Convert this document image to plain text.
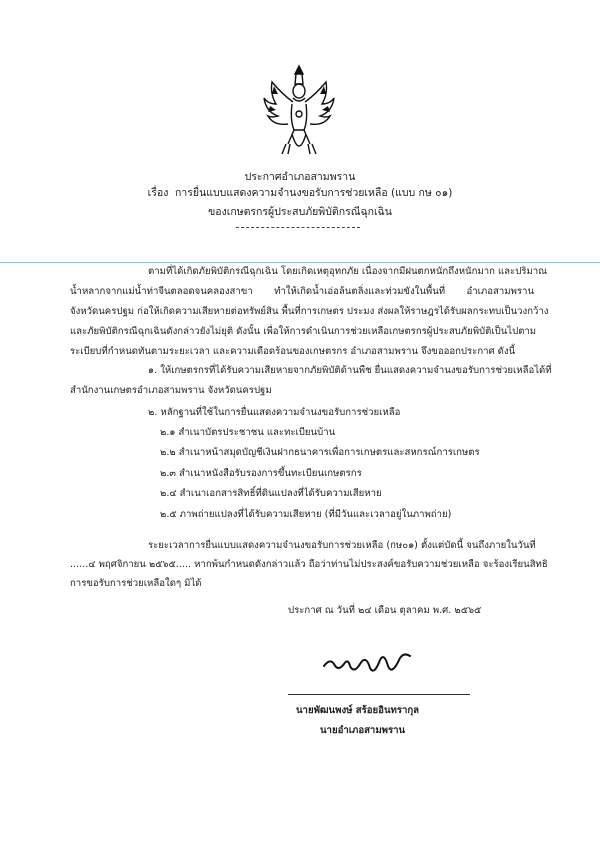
ประกาศอำเภอสามพราน
เรื่อง การยื่นแบบแสดงความจำนงขอรับการช่วยเหลือ (แบบ กษ ๐๑)
ของเกษตรกรผู้ประสบภัยพิบัติกรณีฉุกเฉิน
ตามที่ได้เกิดภัยพิบัติกรณีฉุกเฉิน โดยเกิดเหตุอุทกภัย เนื่องจากมีฝนตกหนักถึงหนักมาก และปริมาณ
น้ำหลากจากแม่น้ำท่าจีนตลอดจนคลองสาขา ทำให้เกิดน้ำเอ่อล้นตลิ่งและท่วมขังในพื้นที่ อำเภอสามพราน
จังหวัดนครปฐม ก่อให้เกิดความเสียหายต่อทรัพย์สิน พื้นที่การเกษตร ประมง ส่งผลให้ราษฎรได้รับผลกระทบเป็นวงกว้าง
และภัยพิบัติกรณีฉุกเฉินดังกล่าวยังไม่ยุติ ดังนั้น เพื่อให้การดำเนินการช่วยเหลือเกษตรกรผู้ประสบภัยพิบัติเป็นไปตาม
ระเบียบที่กำหนดทันตามระยะเวลา และความเดือดร้อนของเกษตรกร อำเภอสามพราน จึงขอออกประกาศ ดังนี้
๑. ให้เกษตรกรที่ได้รับความเสียหายจากภัยพิบัติด้านพืช ยื่นแสดงความจำนงขอรับการช่วยเหลือได้ที่
สำนักงานเกษตรอำเภอสามพราน จังหวัดนครปฐม
๒. หลักฐานที่ใช้ในการยื่นแสดงความจำนงขอรับการช่วยเหลือ
๒.๑ สำเนาบัตรประชาชน และทะเบียนบ้าน
๒.๒ สำเนาหน้าสมุดบัญชีเงินฝากธนาคารเพื่อการเกษตรและสหกรณ์การเกษตร
๒.๓ สำเนาหนังสือรับรองการขึ้นทะเบียนเกษตรกร
๒.๔ สำเนาเอกสารสิทธิ์ที่ดินแปลงที่ได้รับความเสียหาย
๒.๕ ภาพถ่ายแปลงที่ได้รับความเสียหาย (ที่มีวันและเวลาอยู่ในภาพถ่าย)
ระยะเวลาการยื่นแบบแสดงความจำนงขอรับการช่วยเหลือ (กษ๐๑) ตั้งแต่บัดนี้ จนถึงภายในวันที่
......๔ พฤศจิกายน ๒๕๖๕..... หากพ้นกำหนดดังกล่าวแล้ว ถือว่าท่านไม่ประสงค์ขอรับความช่วยเหลือ จะร้องเรียนสิทธิ
การขอรับการช่วยเหลือใดๆ มิได้
ประกาศ ณ วันที่ ๒๔ เดือน ตุลาคม พ.ศ. ๒๕๖๕
นายพัฒนพงษ์ สร้อยอินทรากุล
นายอำเภอสามพราน
